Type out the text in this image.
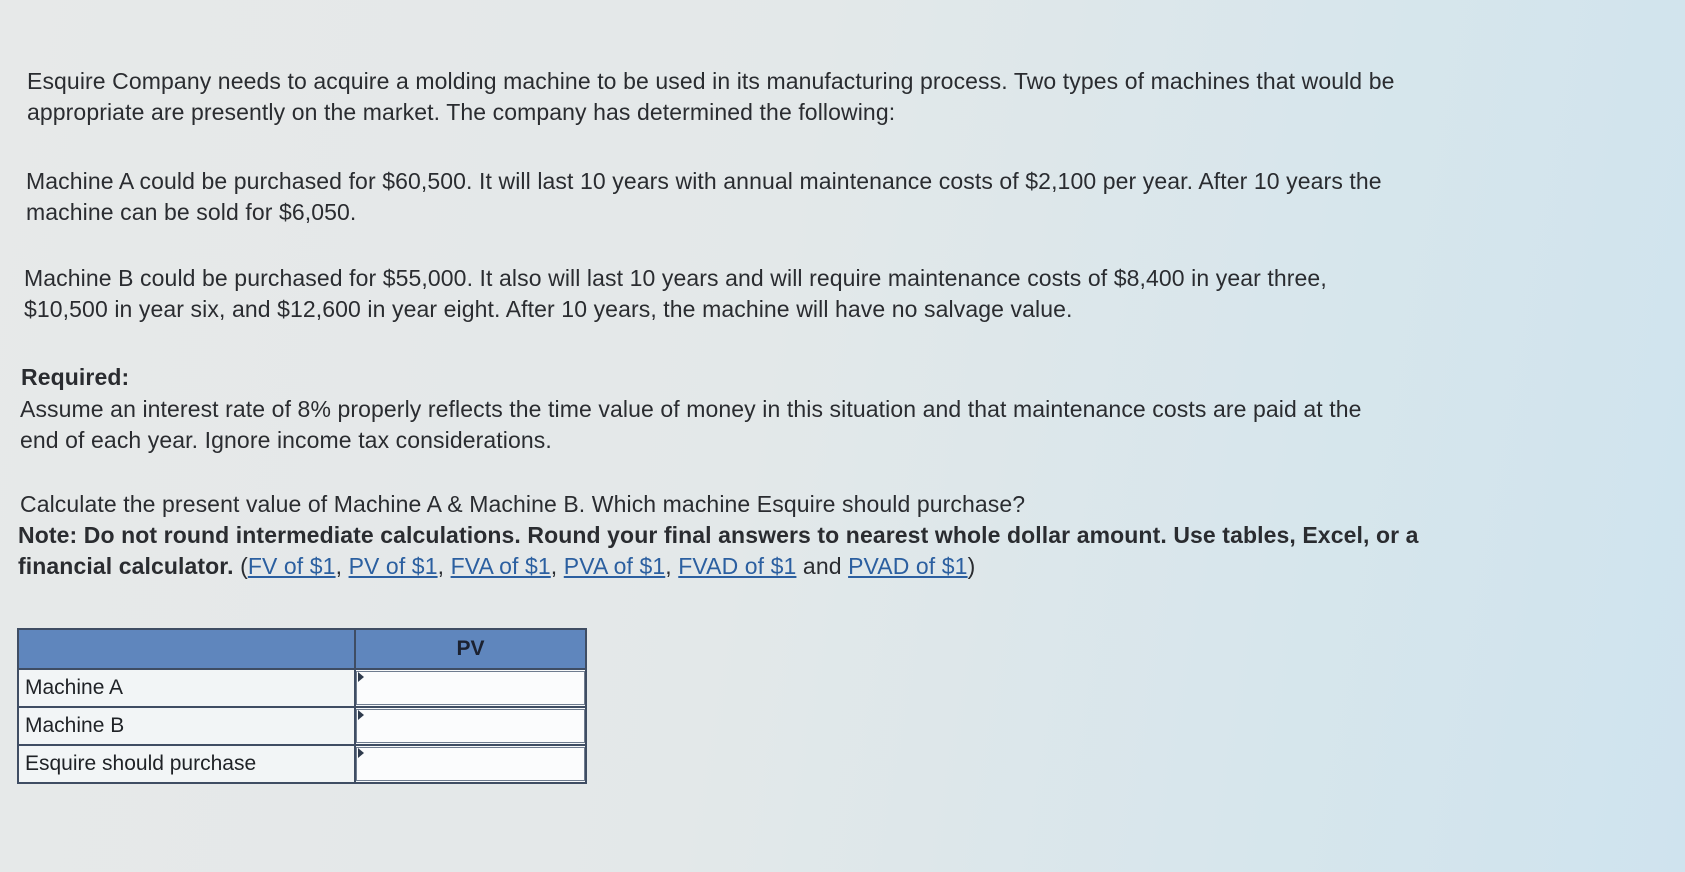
Esquire Company needs to acquire a molding machine to be used in its manufacturing process. Two types of machines that would be
appropriate are presently on the market. The company has determined the following:

Machine A could be purchased for $60,500. It will last 10 years with annual maintenance costs of $2,100 per year. After 10 years the
machine can be sold for $6,050.

Machine B could be purchased for $55,000. It also will last 10 years and will require maintenance costs of $8,400 in year three,
$10,500 in year six, and $12,600 in year eight. After 10 years, the machine will have no salvage value.

Required:

Assume an interest rate of 8% properly reflects the time value of money in this situation and that maintenance costs are paid at the
end of each year. Ignore income tax considerations.

Calculate the present value of Machine A & Machine B. Which machine Esquire should purchase?

Note: Do not round intermediate calculations. Round your final answers to nearest whole dollar amount. Use tables, Excel, or a

financial calculator. (FV of $1, PV of $1, FVA of $1, PVA of $1, FVAD of $1 and PVAD of $1)

	PV
Machine A	

Machine B	

Esquire should purchase	
